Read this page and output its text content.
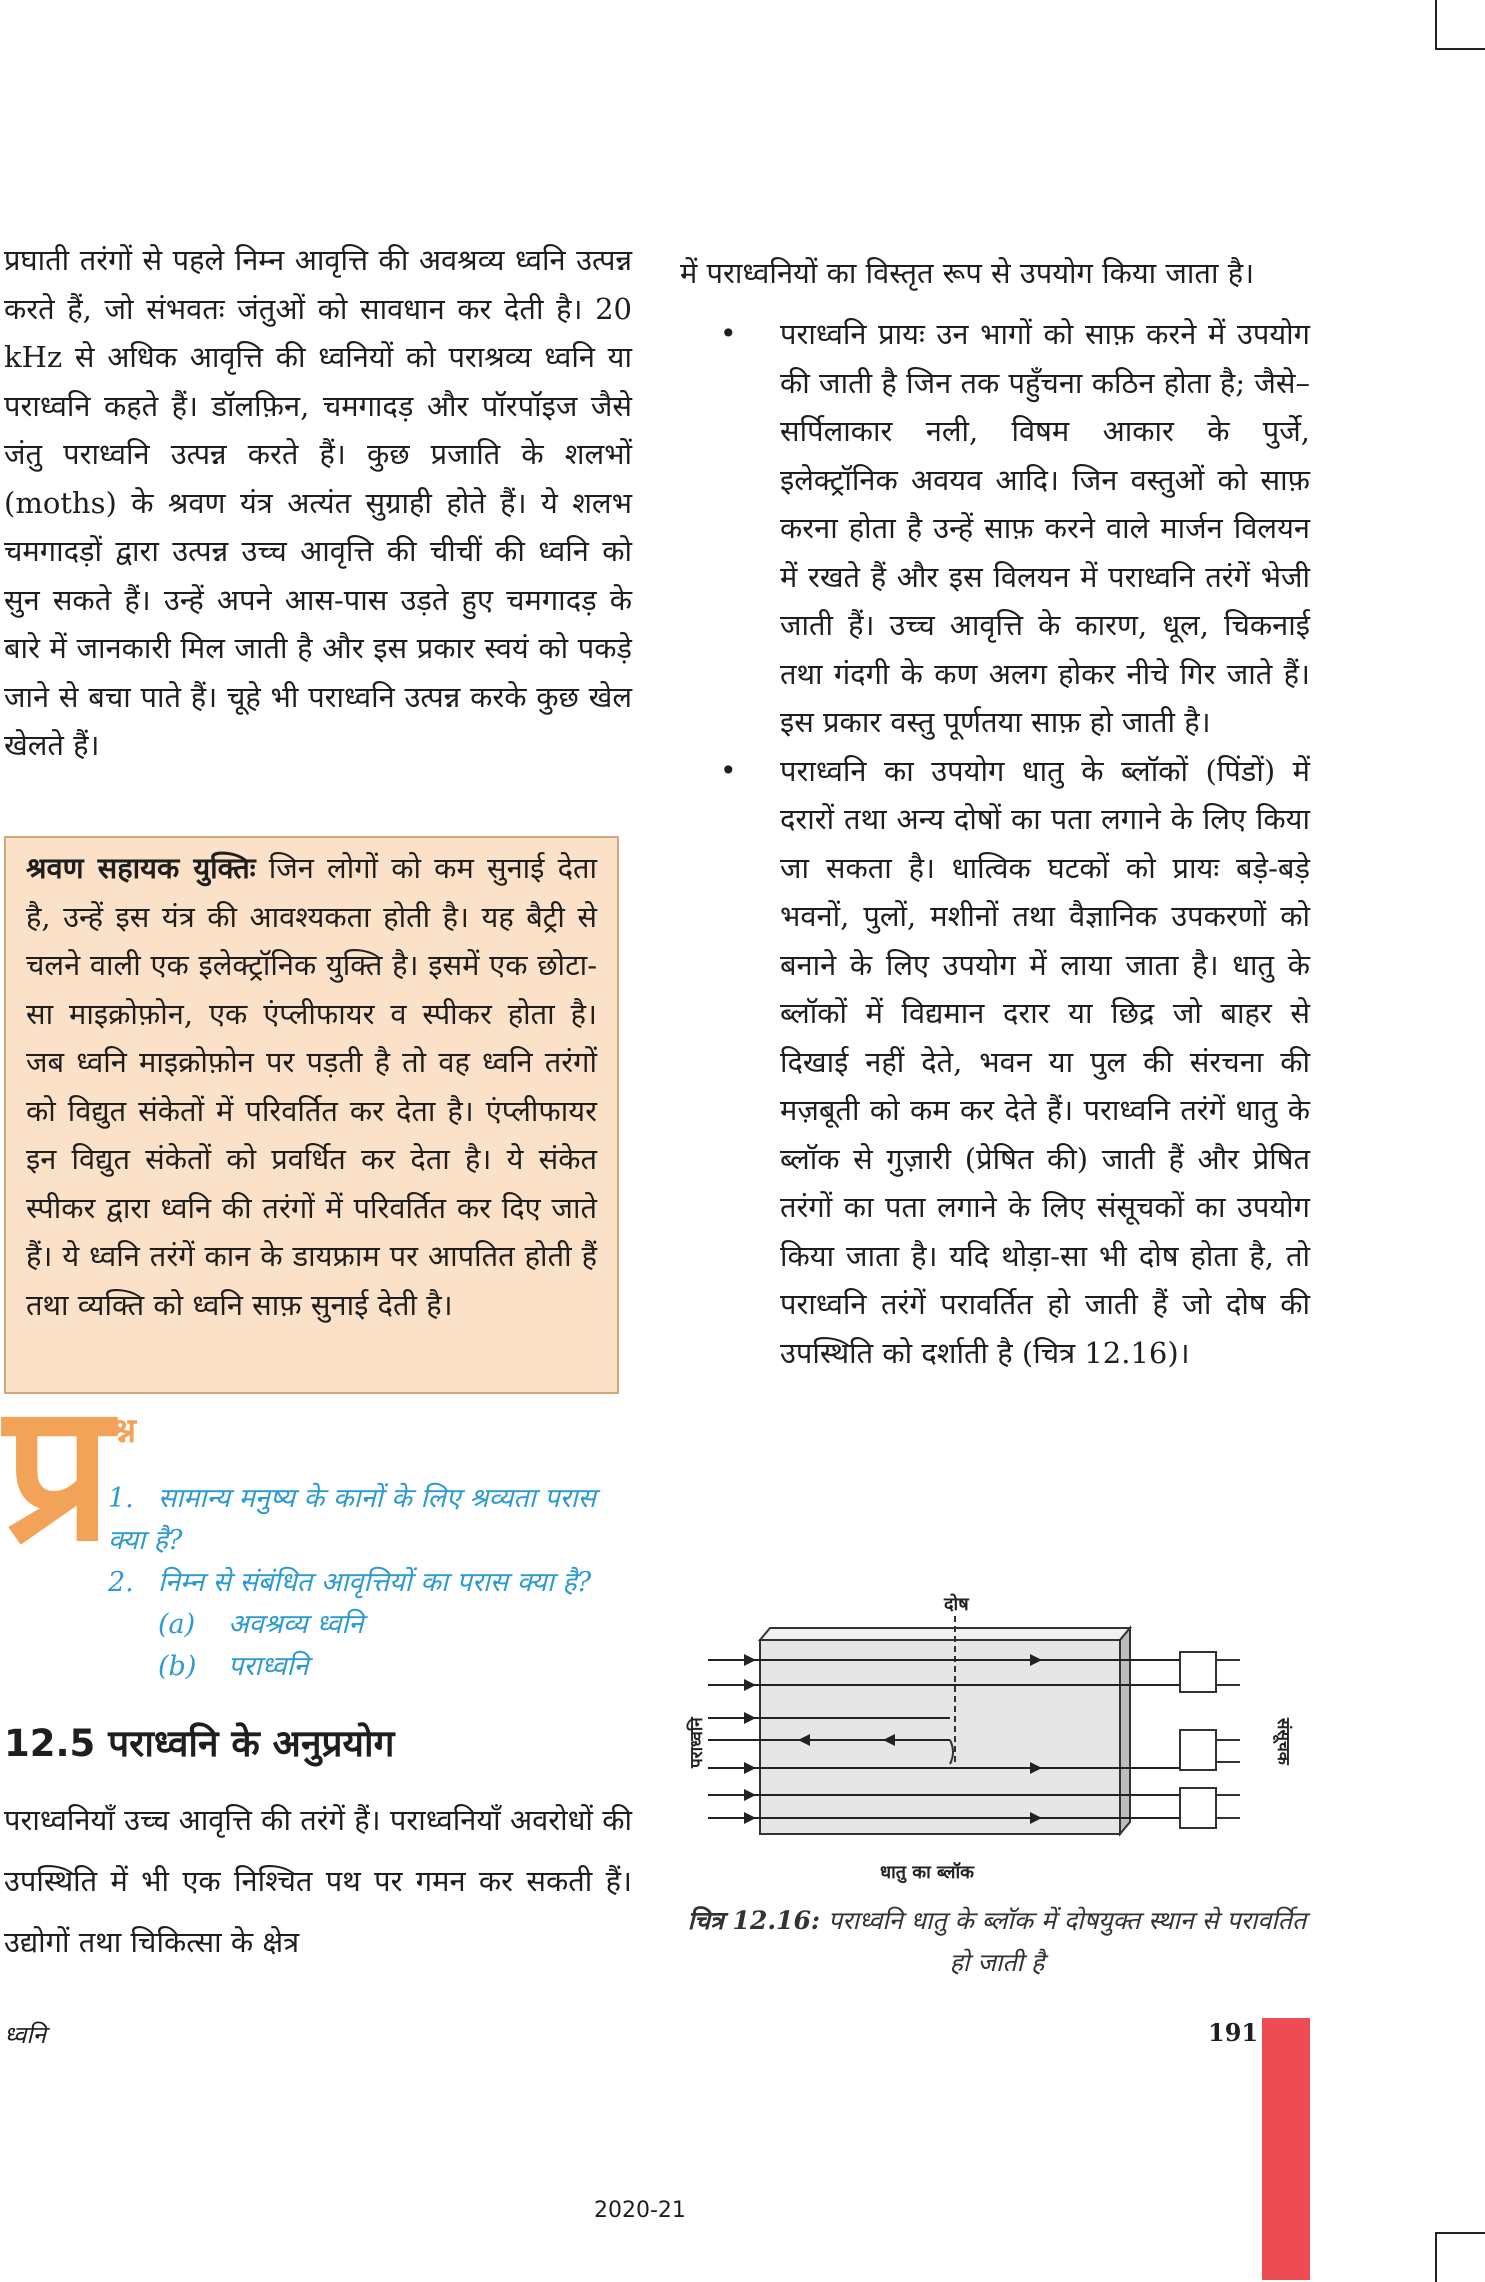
प्रघाती तरंगों से पहले निम्न आवृत्ति की अवश्रव्य ध्वनि उत्पन्न करते हैं, जो संभवतः जंतुओं को सावधान कर देती है। 20 kHz से अधिक आवृत्ति की ध्वनियों को पराश्रव्य ध्वनि या पराध्वनि कहते हैं। डॉलफ़िन, चमगादड़ और पॉरपॉइज जैसे जंतु पराध्वनि उत्पन्न करते हैं। कुछ प्रजाति के शलभों (moths) के श्रवण यंत्र अत्यंत सुग्राही होते हैं। ये शलभ चमगादड़ों द्वारा उत्पन्न उच्च आवृत्ति की चीचीं की ध्वनि को सुन सकते हैं। उन्हें अपने आस-पास उड़ते हुए चमगादड़ के बारे में जानकारी मिल जाती है और इस प्रकार स्वयं को पकड़े जाने से बचा पाते हैं। चूहे भी पराध्वनि उत्पन्न करके कुछ खेल खेलते हैं।

श्रवण सहायक युक्तिः जिन लोगों को कम सुनाई देता है, उन्हें इस यंत्र की आवश्यकता होती है। यह बैट्री से चलने वाली एक इलेक्ट्रॉनिक युक्ति है। इसमें एक छोटा-सा माइक्रोफ़ोन, एक एंप्लीफायर व स्पीकर होता है। जब ध्वनि माइक्रोफ़ोन पर पड़ती है तो वह ध्वनि तरंगों को विद्युत संकेतों में परिवर्तित कर देता है। एंप्लीफायर इन विद्युत संकेतों को प्रवर्धित कर देता है। ये संकेत स्पीकर द्वारा ध्वनि की तरंगों में परिवर्तित कर दिए जाते हैं। ये ध्वनि तरंगें कान के डायफ्राम पर आपतित होती हैं तथा व्यक्ति को ध्वनि साफ़ सुनाई देती है।
प्र श्न
1. सामान्य मनुष्य के कानों के लिए श्रव्यता परास क्या है?
2. निम्न से संबंधित आवृत्तियों का परास क्या है?
(a) अवश्रव्य ध्वनि
(b) पराध्वनि
12.5 पराध्वनि के अनुप्रयोग

पराध्वनियाँ उच्च आवृत्ति की तरंगें हैं। पराध्वनियाँ अवरोधों की उपस्थिति में भी एक निश्चित पथ पर गमन कर सकती हैं। उद्योगों तथा चिकित्सा के क्षेत्र

में पराध्वनियों का विस्तृत रूप से उपयोग किया जाता है।

• पराध्वनि प्रायः उन भागों को साफ़ करने में उपयोग की जाती है जिन तक पहुँचना कठिन होता है; जैसे–सर्पिलाकार नली, विषम आकार के पुर्जे, इलेक्ट्रॉनिक अवयव आदि। जिन वस्तुओं को साफ़ करना होता है उन्हें साफ़ करने वाले मार्जन विलयन में रखते हैं और इस विलयन में पराध्वनि तरंगें भेजी जाती हैं। उच्च आवृत्ति के कारण, धूल, चिकनाई तथा गंदगी के कण अलग होकर नीचे गिर जाते हैं। इस प्रकार वस्तु पूर्णतया साफ़ हो जाती है।
• पराध्वनि का उपयोग धातु के ब्लॉकों (पिंडों) में दरारों तथा अन्य दोषों का पता लगाने के लिए किया जा सकता है। धात्विक घटकों को प्रायः बड़े-बड़े भवनों, पुलों, मशीनों तथा वैज्ञानिक उपकरणों को बनाने के लिए उपयोग में लाया जाता है। धातु के ब्लॉकों में विद्यमान दरार या छिद्र जो बाहर से दिखाई नहीं देते, भवन या पुल की संरचना की मज़बूती को कम कर देते हैं। पराध्वनि तरंगें धातु के ब्लॉक से गुज़ारी (प्रेषित की) जाती हैं और प्रेषित तरंगों का पता लगाने के लिए संसूचकों का उपयोग किया जाता है। यदि थोड़ा-सा भी दोष होता है, तो पराध्वनि तरंगें परावर्तित हो जाती हैं जो दोष की उपस्थिति को दर्शाती है (चित्र 12.16)।
दोष
धातु का ब्लॉक
पराध्वनि	संसूचक
चित्र 12.16: पराध्वनि धातु के ब्लॉक में दोषयुक्त स्थान से परावर्तित हो जाती है
ध्वनि	191
2020-21
